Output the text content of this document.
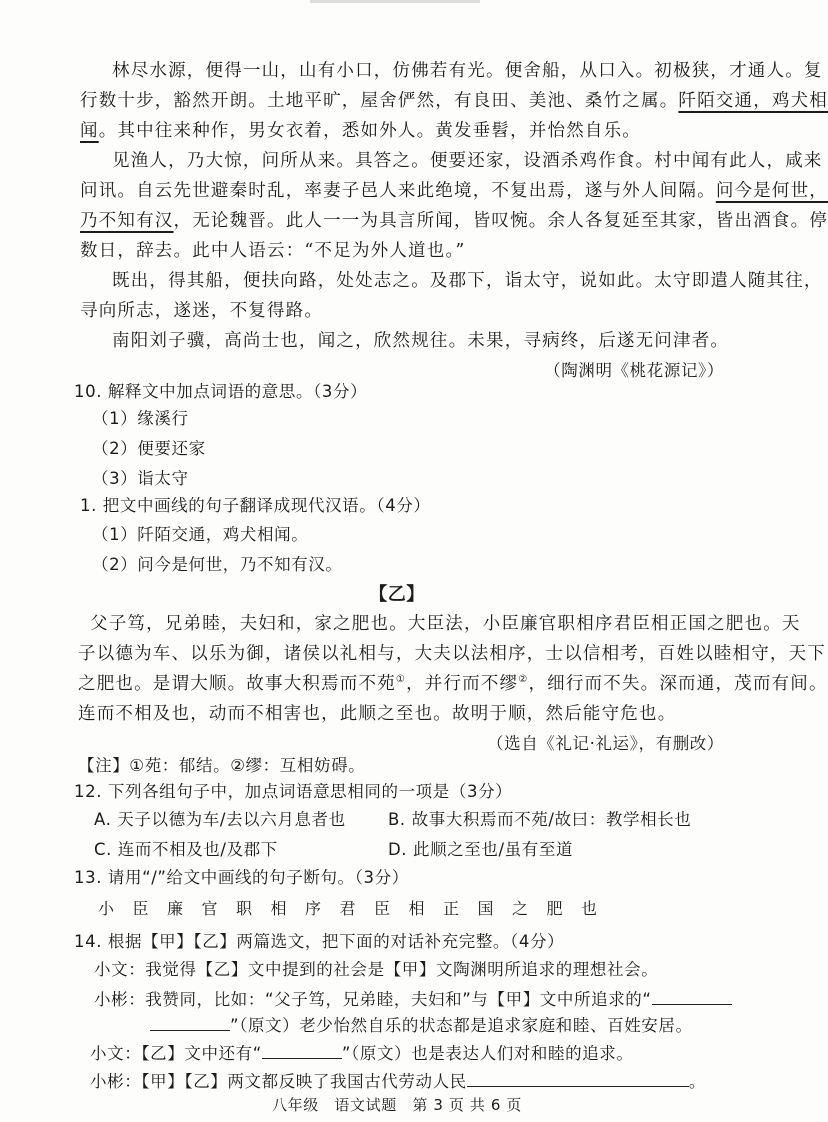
林尽水源，便得一山，山有小口，仿佛若有光。便舍船，从口入。初极狭，才通人。复
行数十步，豁然开朗。土地平旷，屋舍俨然，有良田、美池、桑竹之属。阡陌交通，鸡犬相
闻。其中往来种作，男女衣着，悉如外人。黄发垂髫，并怡然自乐。
见渔人，乃大惊，问所从来。具答之。便要还家，设酒杀鸡作食。村中闻有此人，咸来
问讯。自云先世避秦时乱，率妻子邑人来此绝境，不复出焉，遂与外人间隔。问今是何世，
乃不知有汉，无论魏晋。此人一一为具言所闻，皆叹惋。余人各复延至其家，皆出酒食。停
数日，辞去。此中人语云：“不足为外人道也。”
既出，得其船，便扶向路，处处志之。及郡下，诣太守，说如此。太守即遣人随其往，
寻向所志，遂迷，不复得路。
南阳刘子骥，高尚士也，闻之，欣然规往。未果，寻病终，后遂无问津者。
（陶渊明《桃花源记》）
10. 解释文中加点词语的意思。（3分）
（1）缘溪行
（2）便要还家
（3）诣太守
1. 把文中画线的句子翻译成现代汉语。（4分）
（1）阡陌交通，鸡犬相闻。
（2）问今是何世，乃不知有汉。
【乙】
父子笃，兄弟睦，夫妇和，家之肥也。大臣法，小臣廉官职相序君臣相正国之肥也。天
子以德为车、以乐为御，诸侯以礼相与，大夫以法相序，士以信相考，百姓以睦相守，天下
之肥也。是谓大顺。故事大积焉而不苑①，并行而不缪②，细行而不失。深而通，茂而有间。
连而不相及也，动而不相害也，此顺之至也。故明于顺，然后能守危也。
（选自《礼记·礼运》，有删改）
【注】①苑：郁结。②缪：互相妨碍。
12. 下列各组句子中，加点词语意思相同的一项是（3分）
A. 天子以德为车/去以六月息者也	B. 故事大积焉而不苑/故曰：教学相长也
C. 连而不相及也/及郡下	D. 此顺之至也/虽有至道
13. 请用“/”给文中画线的句子断句。（3分）
小臣廉官职相序君臣相正国之肥也
14. 根据【甲】【乙】两篇选文，把下面的对话补充完整。（4分）
小文：我觉得【乙】文中提到的社会是【甲】文陶渊明所追求的理想社会。
小彬：我赞同，比如：“父子笃，兄弟睦，夫妇和”与【甲】文中所追求的“
”（原文）老少怡然自乐的状态都是追求家庭和睦、百姓安居。
小文：【乙】文中还有“	”（原文）也是表达人们对和睦的追求。
小彬：【甲】【乙】两文都反映了我国古代劳动人民	。
八年级　语文试题　第 3 页 共 6 页
